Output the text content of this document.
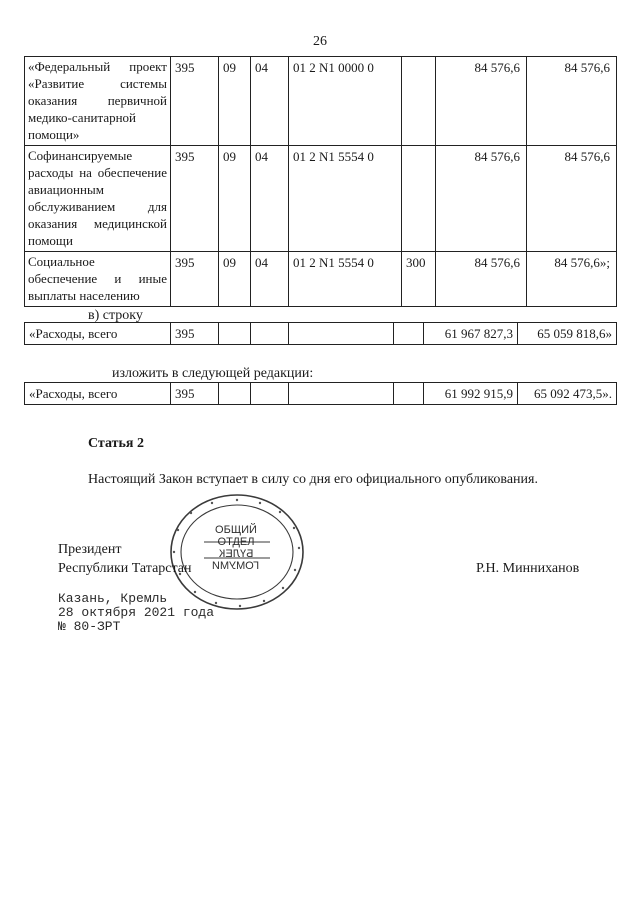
26
«Федеральный проект «Развитие системы оказания первичной медико-санитарной помощи»	395	09	04	01 2 N1 0000 0		84 576,6	84 576,6
Софинансируемые расходы на обеспечение авиационным обслуживанием для оказания медицинской помощи	395	09	04	01 2 N1 5554 0		84 576,6	84 576,6
Социальное обеспечение и иные выплаты населению	395	09	04	01 2 N1 5554 0	300	84 576,6	84 576,6»;
в) строку
«Расходы, всего	395					61 967 827,3	65 059 818,6»
изложить в следующей редакции:
«Расходы, всего	395					61 992 915,9	65 092 473,5».
Статья 2
Настоящий Закон вступает в силу со дня его официального опубликования.
ОБЩИЙ
ОТДЕЛ
БҮЛЕК
ГОМУМИ
Президент
Республики Татарстан	Р.Н. Минниханов
Казань, Кремль
28 октября 2021 года
№ 80-ЗРТ
